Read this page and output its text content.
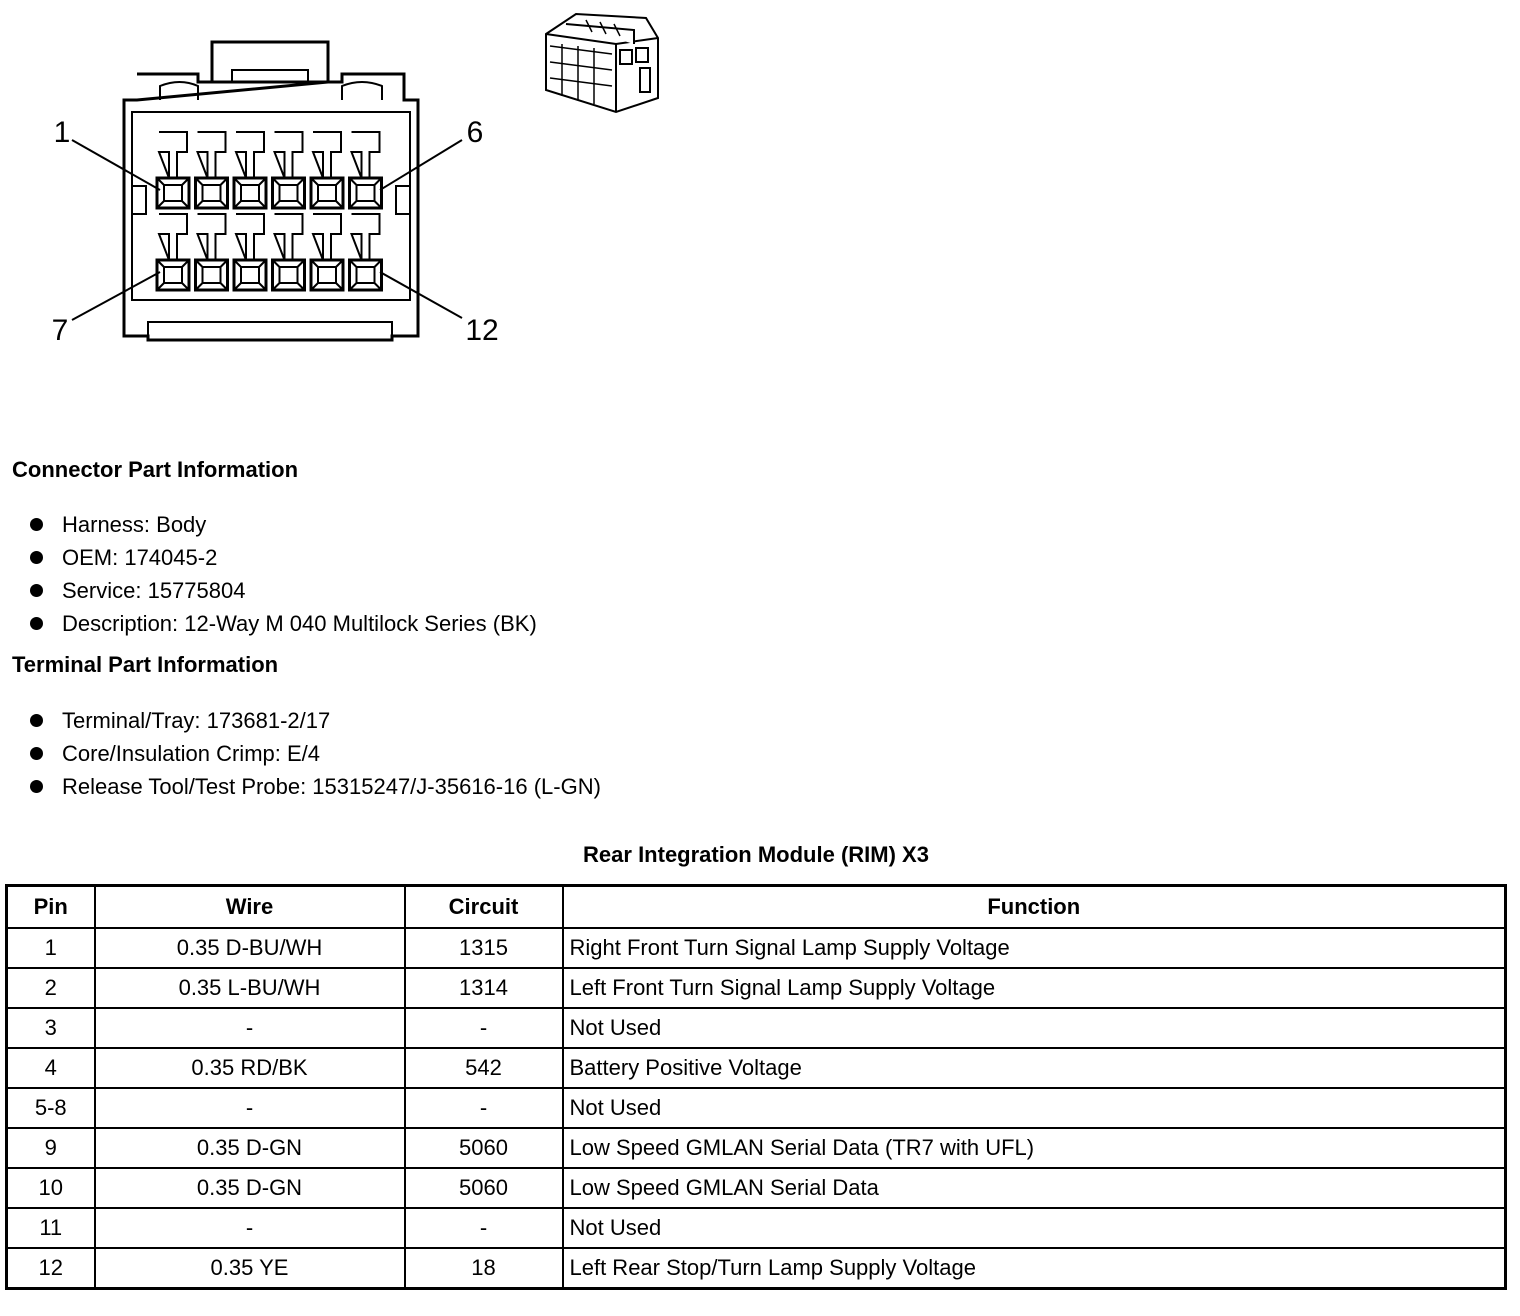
1	6
7	12
Connector Part Information
Harness: Body
OEM: 174045-2
Service: 15775804
Description: 12-Way M 040 Multilock Series (BK)
Terminal Part Information
Terminal/Tray: 173681-2/17
Core/Insulation Crimp: E/4
Release Tool/Test Probe: 15315247/J-35616-16 (L-GN)
Rear Integration Module (RIM) X3
Pin	Wire	Circuit	Function
1	0.35 D-BU/WH	1315	Right Front Turn Signal Lamp Supply Voltage
2	0.35 L-BU/WH	1314	Left Front Turn Signal Lamp Supply Voltage
3	-	-	Not Used
4	0.35 RD/BK	542	Battery Positive Voltage
5-8	-	-	Not Used
9	0.35 D-GN	5060	Low Speed GMLAN Serial Data (TR7 with UFL)
10	0.35 D-GN	5060	Low Speed GMLAN Serial Data
11	-	-	Not Used
12	0.35 YE	18	Left Rear Stop/Turn Lamp Supply Voltage
